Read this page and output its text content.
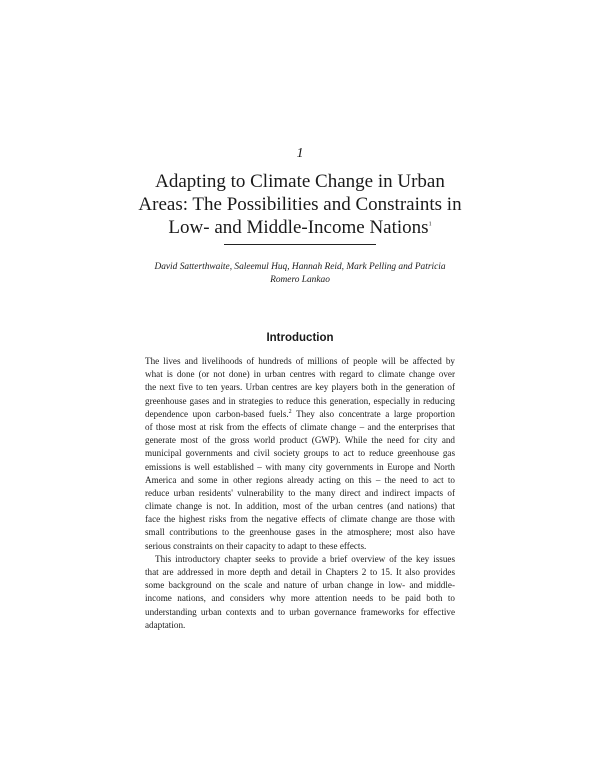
1
Adapting to Climate Change in Urban
Areas: The Possibilities and Constraints in
Low- and Middle-Income Nations$^1$
David Satterthwaite, Saleemul Huq, Hannah Reid, Mark Pelling and Patricia
Romero Lankao
Introduction
The lives and livelihoods of hundreds of millions of people will be affected by
what is done (or not done) in urban centres with regard to climate change over
the next five to ten years. Urban centres are key players both in the generation of
greenhouse gases and in strategies to reduce this generation, especially in reducing
dependence upon carbon-based fuels.$^2$ They also concentrate a large proportion
of those most at risk from the effects of climate change – and the enterprises that
generate most of the gross world product (GWP). While the need for city and
municipal governments and civil society groups to act to reduce greenhouse gas
emissions is well established – with many city governments in Europe and North
America and some in other regions already acting on this – the need to act to
reduce urban residents' vulnerability to the many direct and indirect impacts of
climate change is not. In addition, most of the urban centres (and nations) that
face the highest risks from the negative effects of climate change are those with
small contributions to the greenhouse gases in the atmosphere; most also have
serious constraints on their capacity to adapt to these effects.
This introductory chapter seeks to provide a brief overview of the key issues
that are addressed in more depth and detail in Chapters 2 to 15. It also provides
some background on the scale and nature of urban change in low- and middle-
income nations, and considers why more attention needs to be paid both to
understanding urban contexts and to urban governance frameworks for effective
adaptation.
